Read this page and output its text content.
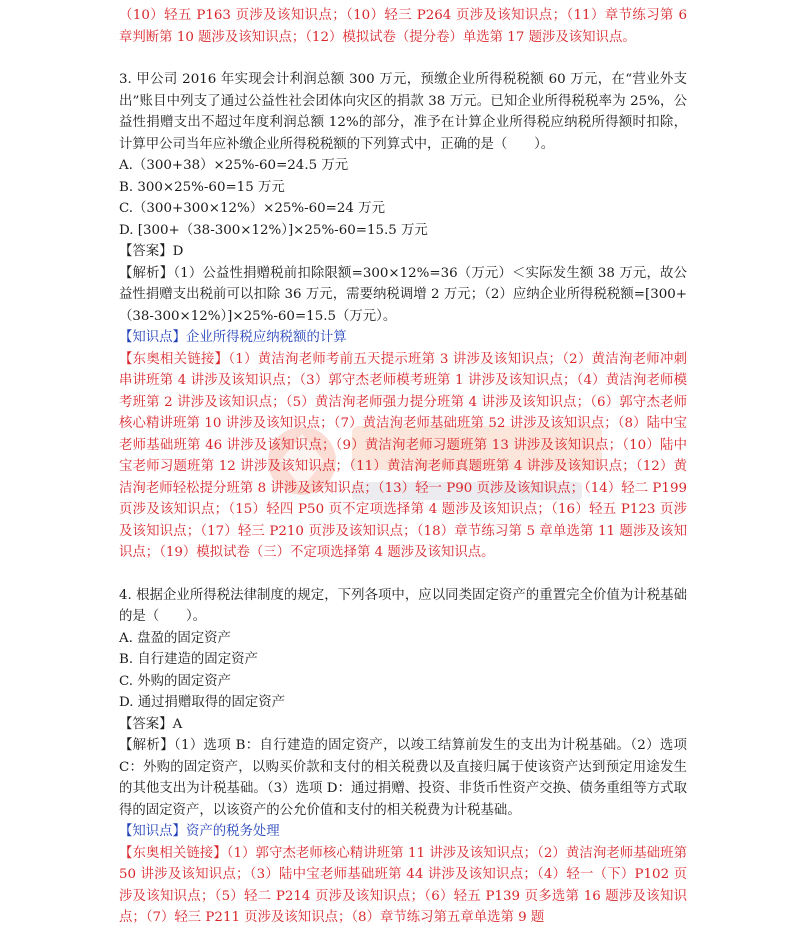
（10）轻五 P163 页涉及该知识点；（10）轻三 P264 页涉及该知识点；（11）章节练习第 6 章判断第 10 题涉及该知识点；（12）模拟试卷（提分卷）单选第 17 题涉及该知识点。

3. 甲公司 2016 年实现会计利润总额 300 万元，预缴企业所得税税额 60 万元，在“营业外支出”账目中列支了通过公益性社会团体向灾区的捐款 38 万元。已知企业所得税税率为 25%，公益性捐赠支出不超过年度利润总额 12%的部分，准予在计算企业所得税应纳税所得额时扣除，计算甲公司当年应补缴企业所得税税额的下列算式中，正确的是（　　）。

A.（300+38）×25%-60=24.5 万元

B. 300×25%-60=15 万元

C.（300+300×12%）×25%-60=24 万元

D. [300+（38-300×12%）]×25%-60=15.5 万元

【答案】D

【解析】（1）公益性捐赠税前扣除限额=300×12%=36（万元）＜实际发生额 38 万元，故公益性捐赠支出税前可以扣除 36 万元，需要纳税调增 2 万元；（2）应纳企业所得税税额=[300+（38-300×12%）]×25%-60=15.5（万元）。

【知识点】企业所得税应纳税额的计算

【东奥相关链接】（1）黄洁洵老师考前五天提示班第 3 讲涉及该知识点；（2）黄洁洵老师冲刺串讲班第 4 讲涉及该知识点；（3）郭守杰老师模考班第 1 讲涉及该知识点；（4）黄洁洵老师模考班第 2 讲涉及该知识点；（5）黄洁洵老师强力提分班第 4 讲涉及该知识点；（6）郭守杰老师核心精讲班第 10 讲涉及该知识点；（7）黄洁洵老师基础班第 52 讲涉及该知识点；（8）陆中宝老师基础班第 46 讲涉及该知识点；（9）黄洁洵老师习题班第 13 讲涉及该知识点；（10）陆中宝老师习题班第 12 讲涉及该知识点；（11）黄洁洵老师真题班第 4 讲涉及该知识点；（12）黄洁洵老师轻松提分班第 8 讲涉及该知识点；（13）轻一 P90 页涉及该知识点；（14）轻二 P199 页涉及该知识点；（15）轻四 P50 页不定项选择第 4 题涉及该知识点；（16）轻五 P123 页涉及该知识点；（17）轻三 P210 页涉及该知识点；（18）章节练习第 5 章单选第 11 题涉及该知识点；（19）模拟试卷（三）不定项选择第 4 题涉及该知识点。

4. 根据企业所得税法律制度的规定，下列各项中，应以同类固定资产的重置完全价值为计税基础的是（　　）。

A. 盘盈的固定资产

B. 自行建造的固定资产

C. 外购的固定资产

D. 通过捐赠取得的固定资产

【答案】A

【解析】（1）选项 B：自行建造的固定资产，以竣工结算前发生的支出为计税基础。（2）选项 C：外购的固定资产，以购买价款和支付的相关税费以及直接归属于使该资产达到预定用途发生的其他支出为计税基础。（3）选项 D：通过捐赠、投资、非货币性资产交换、债务重组等方式取得的固定资产，以该资产的公允价值和支付的相关税费为计税基础。

【知识点】资产的税务处理

【东奥相关链接】（1）郭守杰老师核心精讲班第 11 讲涉及该知识点；（2）黄洁洵老师基础班第 50 讲涉及该知识点；（3）陆中宝老师基础班第 44 讲涉及该知识点；（4）轻一（下）P102 页涉及该知识点；（5）轻二 P214 页涉及该知识点；（6）轻五 P139 页多选第 16 题涉及该知识点；（7）轻三 P211 页涉及该知识点；（8）章节练习第五章单选第 9 题
